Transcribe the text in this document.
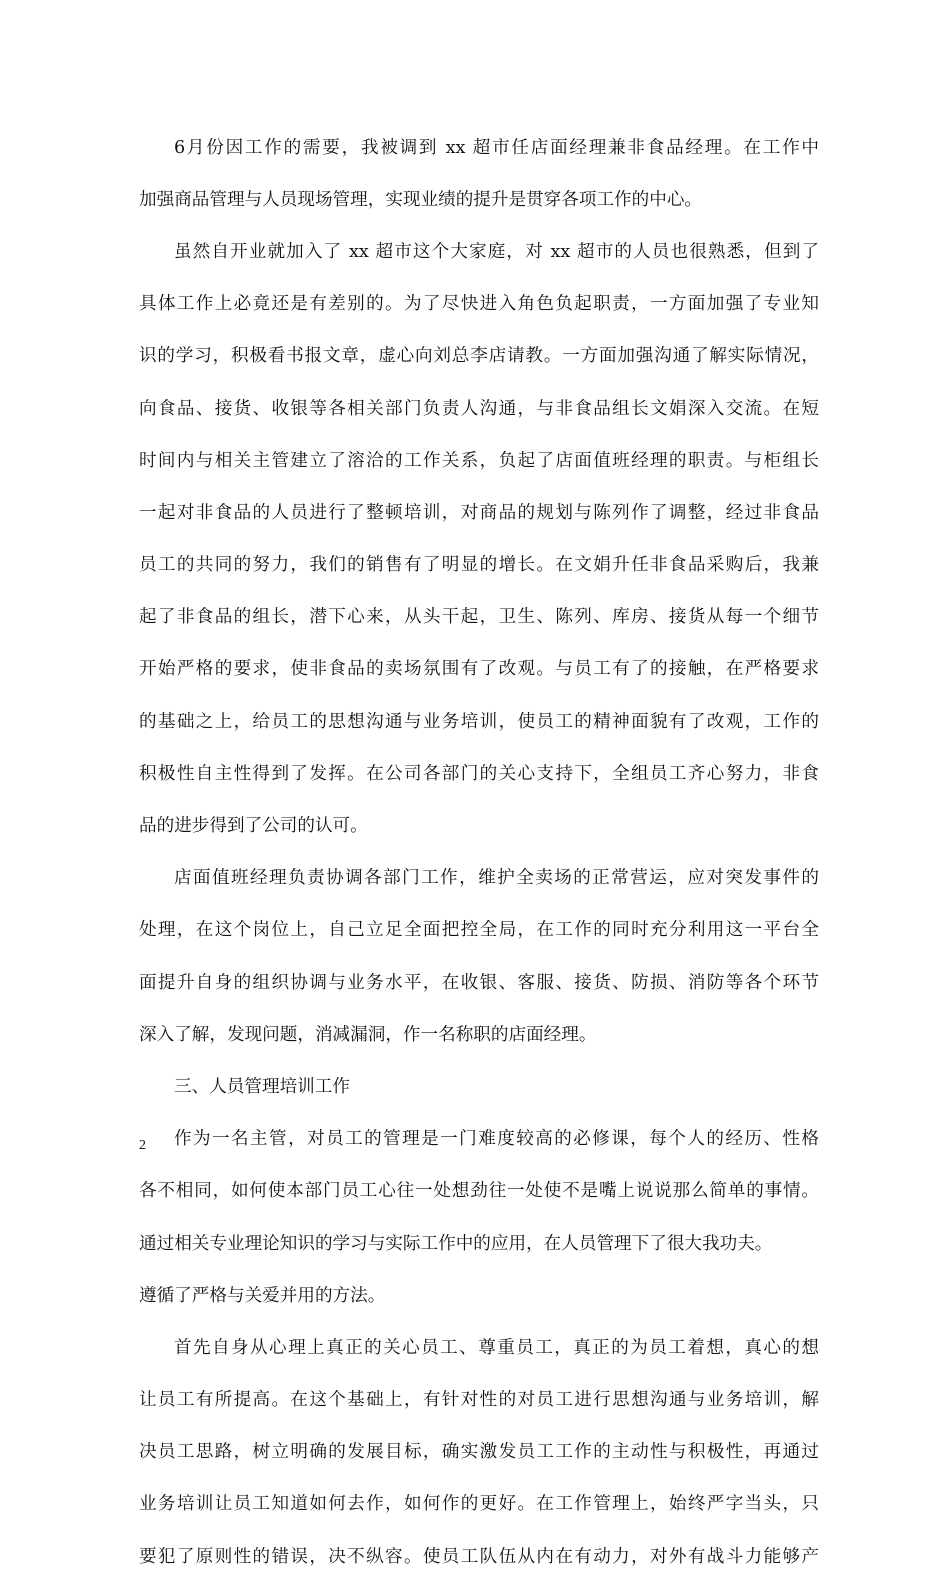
6月份因工作的需要，我被调到 xx 超市任店面经理兼非食品经理。在工作中

加强商品管理与人员现场管理，实现业绩的提升是贯穿各项工作的中心。

虽然自开业就加入了 xx 超市这个大家庭，对 xx 超市的人员也很熟悉，但到了

具体工作上必竟还是有差别的。为了尽快进入角色负起职责，一方面加强了专业知

识的学习，积极看书报文章，虚心向刘总李店请教。一方面加强沟通了解实际情况，

向食品、接货、收银等各相关部门负责人沟通，与非食品组长文娟深入交流。在短

时间内与相关主管建立了溶洽的工作关系，负起了店面值班经理的职责。与柜组长

一起对非食品的人员进行了整顿培训，对商品的规划与陈列作了调整，经过非食品

员工的共同的努力，我们的销售有了明显的增长。在文娟升任非食品采购后，我兼

起了非食品的组长，潜下心来，从头干起，卫生、陈列、库房、接货从每一个细节

开始严格的要求，使非食品的卖场氛围有了改观。与员工有了的接触，在严格要求

的基础之上，给员工的思想沟通与业务培训，使员工的精神面貌有了改观，工作的

积极性自主性得到了发挥。在公司各部门的关心支持下，全组员工齐心努力，非食

品的进步得到了公司的认可。

店面值班经理负责协调各部门工作，维护全卖场的正常营运，应对突发事件的

处理，在这个岗位上，自己立足全面把控全局，在工作的同时充分利用这一平台全

面提升自身的组织协调与业务水平，在收银、客服、接货、防损、消防等各个环节

深入了解，发现问题，消减漏洞，作一名称职的店面经理。

三、人员管理培训工作

作为一名主管，对员工的管理是一门难度较高的必修课，每个人的经历、性格

各不相同，如何使本部门员工心往一处想劲往一处使不是嘴上说说那么简单的事情。

通过相关专业理论知识的学习与实际工作中的应用，在人员管理下了很大我功夫。

遵循了严格与关爱并用的方法。

首先自身从心理上真正的关心员工、尊重员工，真正的为员工着想，真心的想

让员工有所提高。在这个基础上，有针对性的对员工进行思想沟通与业务培训，解

决员工思路，树立明确的发展目标，确实激发员工工作的主动性与积极性，再通过

业务培训让员工知道如何去作，如何作的更好。在工作管理上，始终严字当头，只

要犯了原则性的错误，决不纵容。使员工队伍从内在有动力，对外有战斗力能够产

2
